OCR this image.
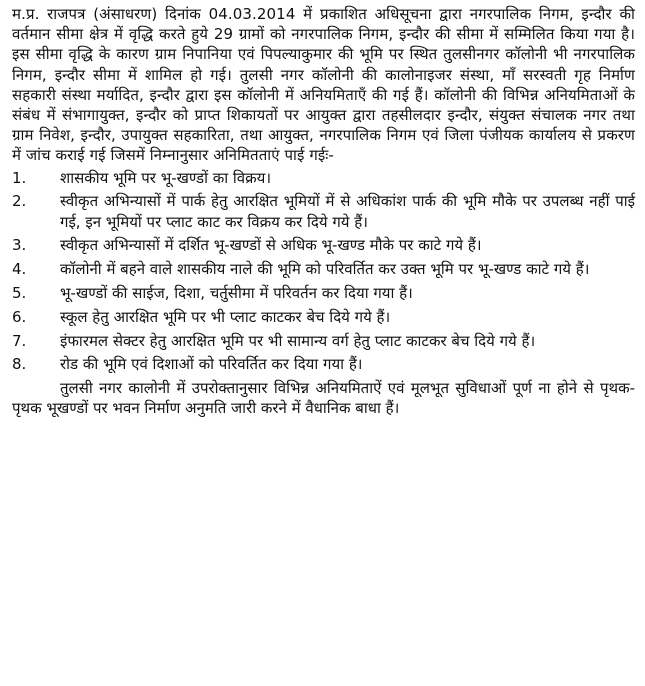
म.प्र. राजपत्र (अंसाधरण) दिनांक 04.03.2014 में प्रकाशित अधिसूचना द्वारा नगरपालिक निगम, इन्दौर की वर्तमान सीमा क्षेत्र में वृद्धि करते हुये 29 ग्रामों को नगरपालिक निगम, इन्दौर की सीमा में सम्मिलित किया गया है। इस सीमा वृद्धि के कारण ग्राम निपानिया एवं पिपल्याकुमार की भूमि पर स्थित तुलसीनगर कॉलोनी भी नगरपालिक निगम, इन्दौर सीमा में शामिल हो गई। तुलसी नगर कॉलोनी की कालोनाइजर संस्था, माँ सरस्वती गृह निर्माण सहकारी संस्था मर्यादित, इन्दौर द्वारा इस कॉलोनी में अनियमिताएँ की गई हैं। कॉलोनी की विभिन्न अनियमिताओं के संबंध में संभागायुक्त, इन्दौर को प्राप्त शिकायतों पर आयुक्त द्वारा तहसीलदार इन्दौर, संयुक्त संचालक नगर तथा ग्राम निवेश, इन्दौर, उपायुक्त सहकारिता, तथा आयुक्त, नगरपालिक निगम एवं जिला पंजीयक कार्यालय से प्रकरण में जांच कराई गई जिसमें निम्नानुसार अनिमितताएं पाई गईः-

1.	शासकीय भूमि पर भू-खण्डों का विक्रय।
2.	स्वीकृत अभिन्यासों में पार्क हेतु आरक्षित भूमियों में से अधिकांश पार्क की भूमि मौके पर उपलब्ध नहीं पाई गई, इन भूमियों पर प्लाट काट कर विक्रय कर दिये गये हैं।
3.	स्वीकृत अभिन्यासों में दर्शित भू-खण्डों से अधिक भू-खण्ड मौके पर काटे गये हैं।
4.	कॉलोनी में बहने वाले शासकीय नाले की भूमि को परिवर्तित कर उक्त भूमि पर भू-खण्ड काटे गये हैं।
5.	भू-खण्डों की साईज, दिशा, चर्तुसीमा में परिवर्तन कर दिया गया हैं।
6.	स्कूल हेतु आरक्षित भूमि पर भी प्लाट काटकर बेच दिये गये हैं।
7.	इंफारमल सेक्टर हेतु आरक्षित भूमि पर भी सामान्य वर्ग हेतु प्लाट काटकर बेच दिये गये हैं।
8.	रोड की भूमि एवं दिशाओं को परिवर्तित कर दिया गया हैं।

तुलसी नगर कालोनी में उपरोक्तानुसार विभिन्न अनियमिताऐं एवं मूलभूत सुविधाओं पूर्ण ना होने से पृथक-पृथक भूखण्डों पर भवन निर्माण अनुमति जारी करने में वैधानिक बाधा हैं।
